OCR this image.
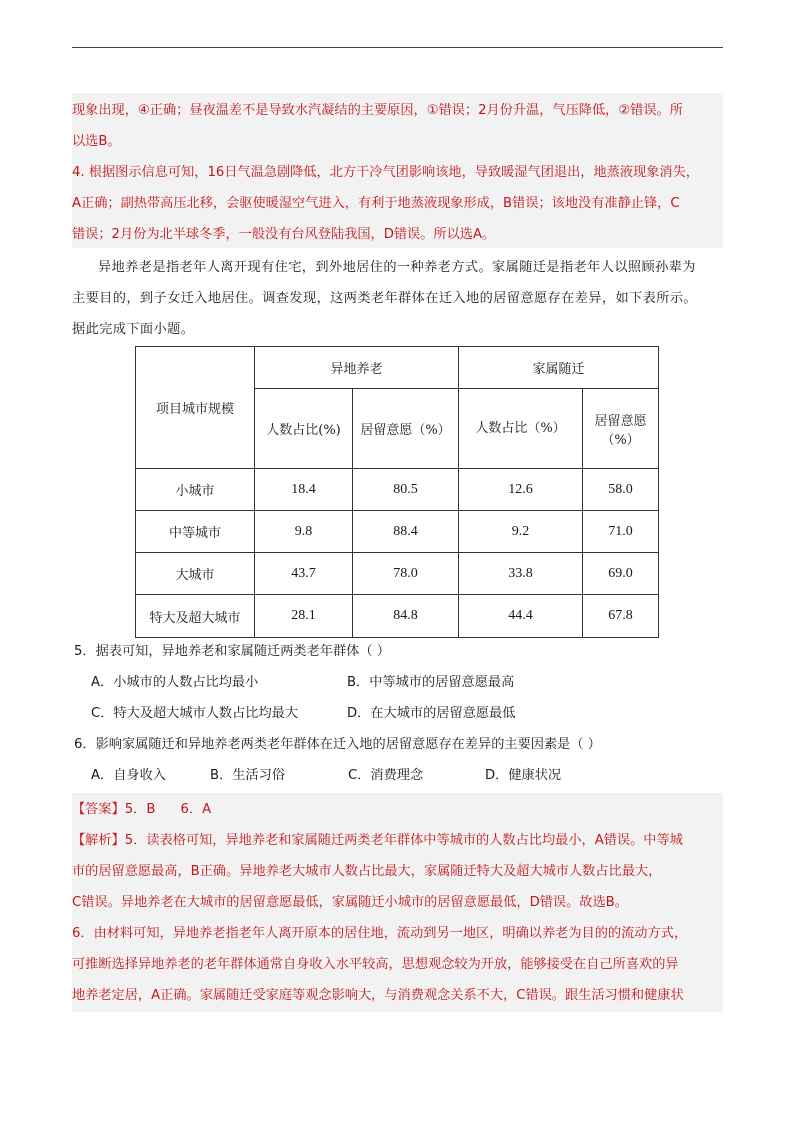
现象出现，④正确；昼夜温差不是导致水汽凝结的主要原因，①错误；2月份升温，气压降低，②错误。所
以选B。
4. 根据图示信息可知，16日气温急剧降低，北方干冷气团影响该地，导致暖湿气团退出，地蒸液现象消失，
A正确；副热带高压北移，会驱使暖湿空气进入，有利于地蒸液现象形成，B错误；该地没有准静止锋，C
错误；2月份为北半球冬季，一般没有台风登陆我国，D错误。所以选A。
异地养老是指老年人离开现有住宅，到外地居住的一种养老方式。家属随迁是指老年人以照顾孙辈为
主要目的，到子女迁入地居住。调查发现，这两类老年群体在迁入地的居留意愿存在差异，如下表所示。
据此完成下面小题。
项目城市规模	异地养老		家属随迁	
	人数占比(%)	居留意愿（%）	人数占比（%）	居留意愿（%）

小城市	18.4	80.5	12.6	58.0
中等城市	9.8	88.4	9.2	71.0
大城市	43.7	78.0	33.8	69.0
特大及超大城市	28.1	84.8	44.4	67.8
5．据表可知，异地养老和家属随迁两类老年群体（ ）
A．小城市的人数占比均最小	B．中等城市的居留意愿最高
C．特大及超大城市人数占比均最大	D．在大城市的居留意愿最低
6．影响家属随迁和异地养老两类老年群体在迁入地的居留意愿存在差异的主要因素是（ ）
A．自身收入	B．生活习俗	C．消费理念	D．健康状况
【答案】5．B      6．A
【解析】5．读表格可知，异地养老和家属随迁两类老年群体中等城市的人数占比均最小，A错误。中等城
市的居留意愿最高，B正确。异地养老大城市人数占比最大，家属随迁特大及超大城市人数占比最大，
C错误。异地养老在大城市的居留意愿最低，家属随迁小城市的居留意愿最低，D错误。故选B。
6．由材料可知，异地养老指老年人离开原本的居住地，流动到另一地区，明确以养老为目的的流动方式，
可推断选择异地养老的老年群体通常自身收入水平较高，思想观念较为开放，能够接受在自己所喜欢的异
地养老定居，A正确。家属随迁受家庭等观念影响大，与消费观念关系不大，C错误。跟生活习惯和健康状
